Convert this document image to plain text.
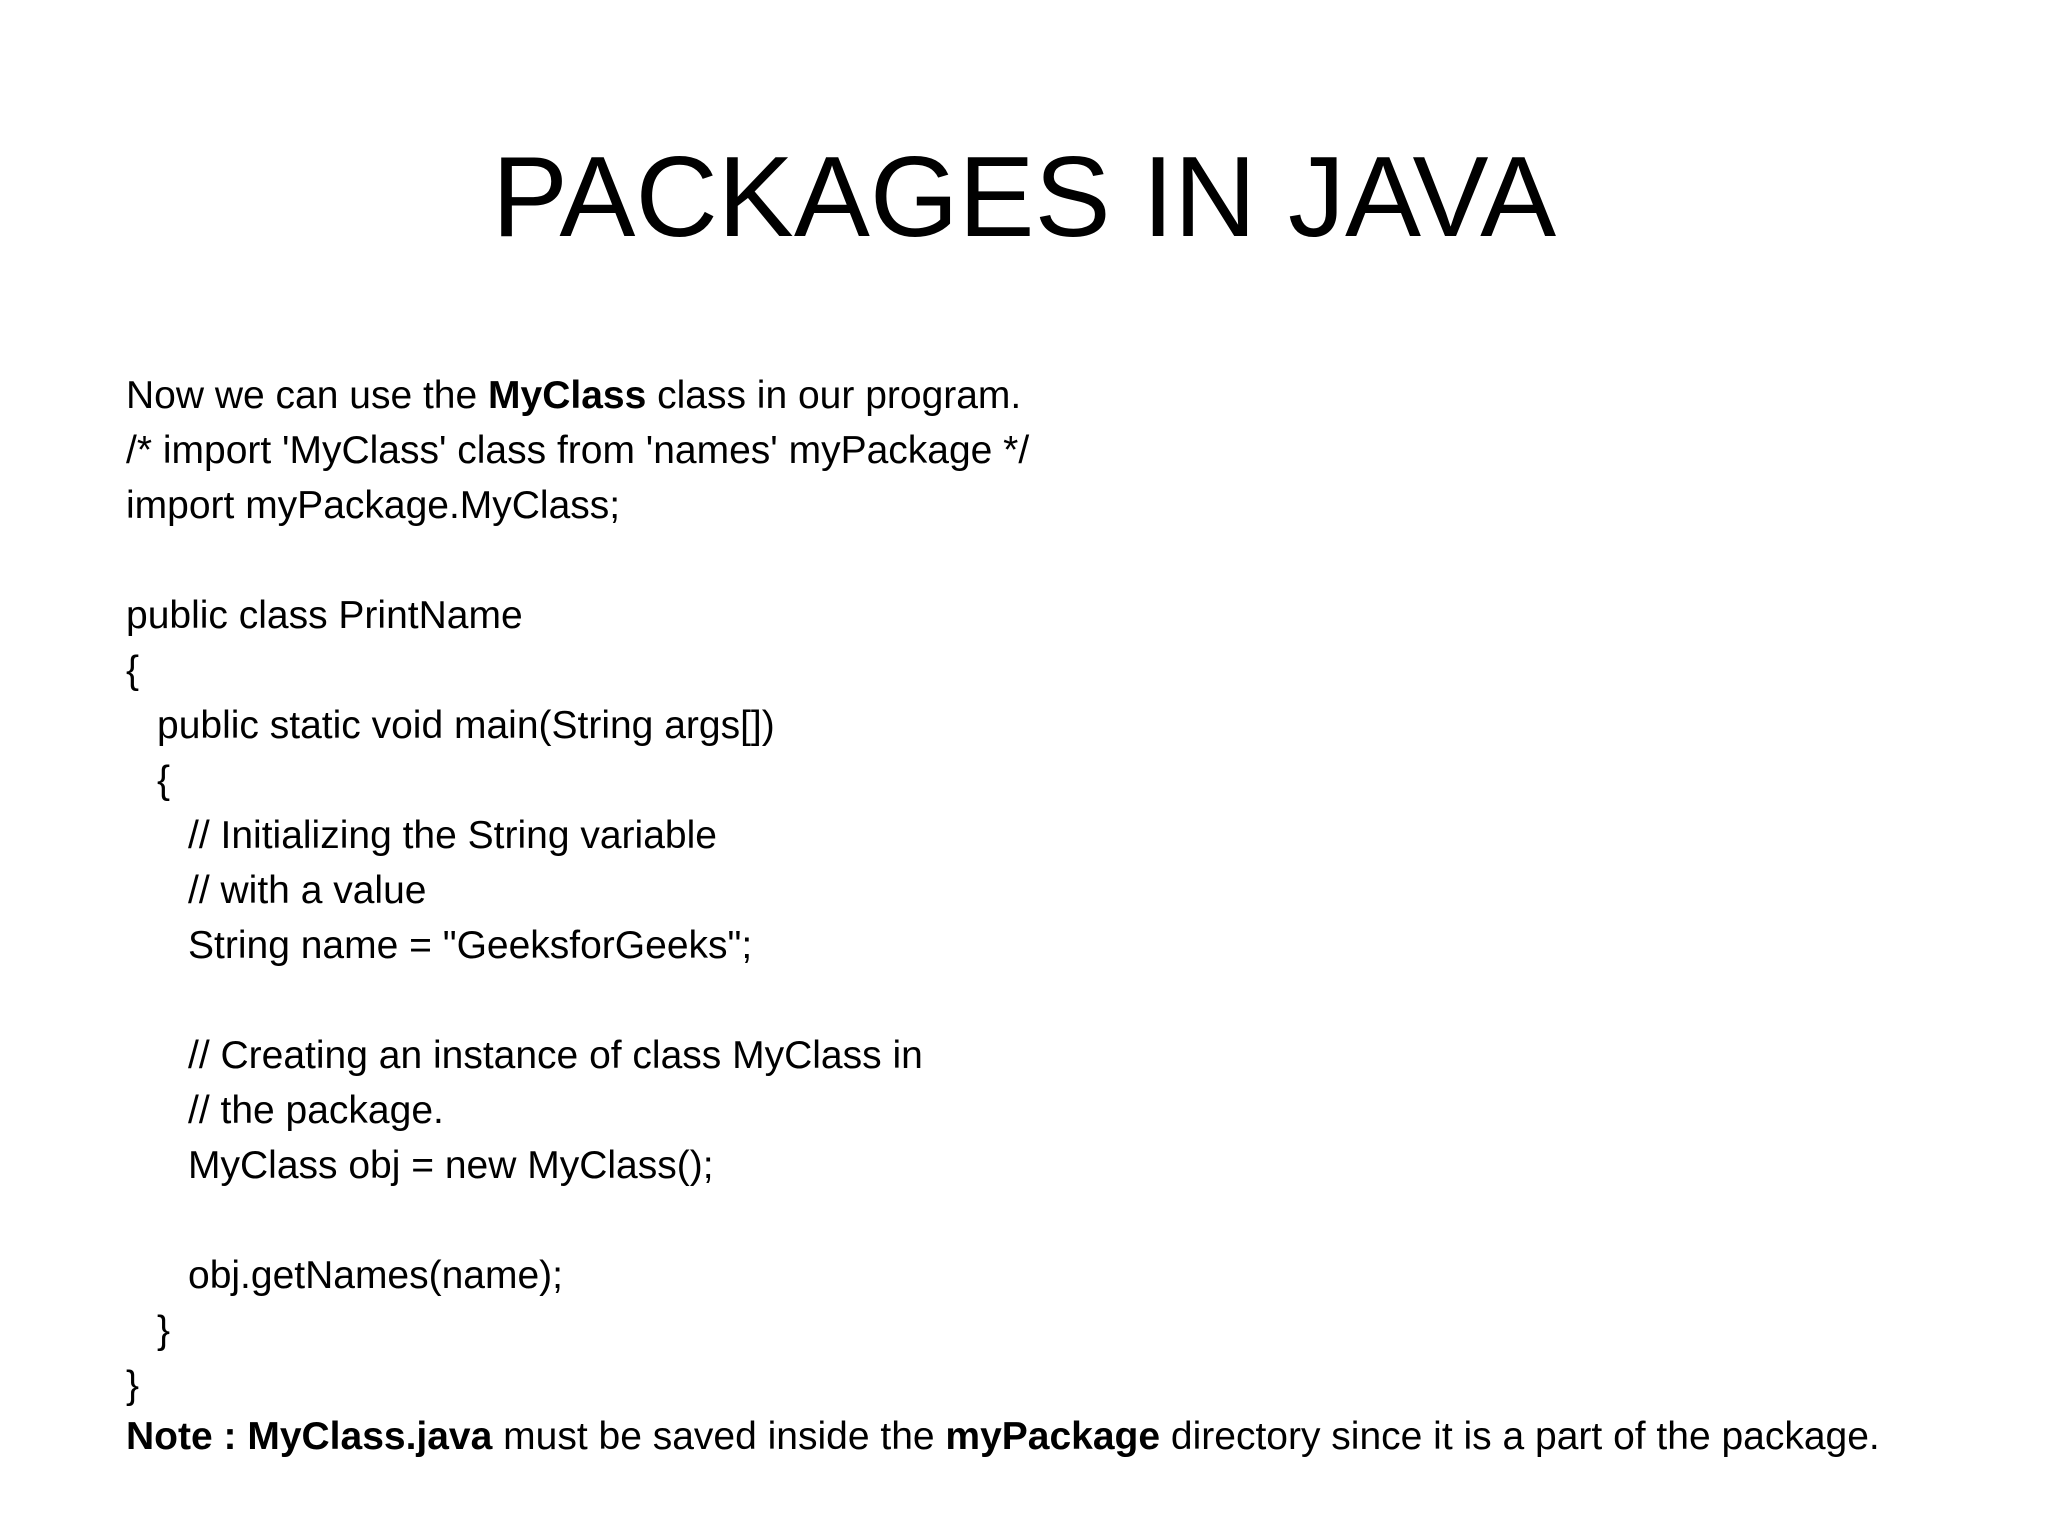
PACKAGES IN JAVA
Now we can use the MyClass class in our program.
/* import 'MyClass' class from 'names' myPackage */
import myPackage.MyClass;
public class PrintName
{
public static void main(String args[])
{
// Initializing the String variable
// with a value
String name = "GeeksforGeeks";
// Creating an instance of class MyClass in
// the package.
MyClass obj = new MyClass();
obj.getNames(name);
}
}
Note : MyClass.java must be saved inside the myPackage directory since it is a part of the package.
